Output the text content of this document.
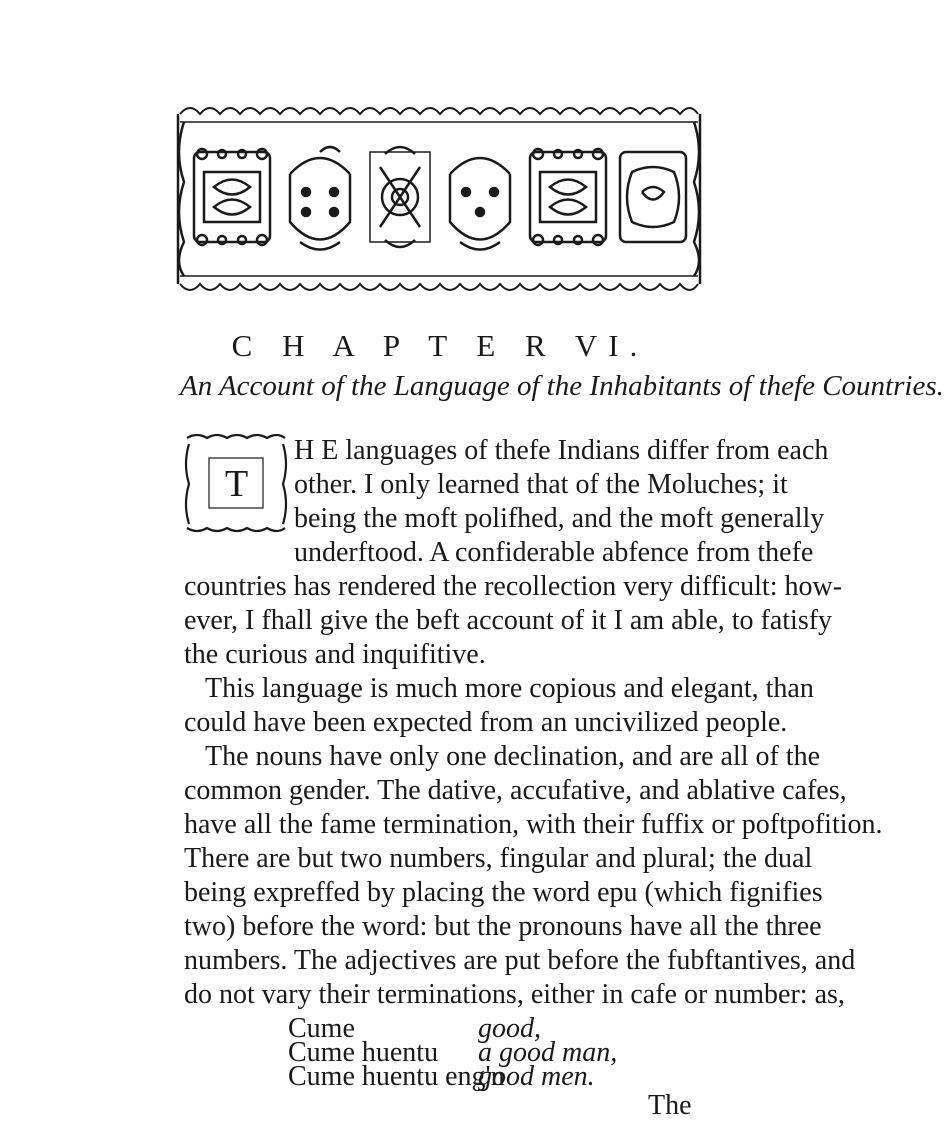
C H A P T E R VI.
An Account of the Language of the Inhabitants of thefe Countries.
T
H E languages of thefe Indians differ from each
other. I only learned that of the Moluches; it
being the moft polifhed, and the moft generally
underftood. A confiderable abfence from thefe
countries has rendered the recollection very difficult: how-
ever, I fhall give the beft account of it I am able, to fatisfy
the curious and inquifitive.
This language is much more copious and elegant, than
could have been expected from an uncivilized people.
The nouns have only one declination, and are all of the
common gender. The dative, accufative, and ablative cafes,
have all the fame termination, with their fuffix or poftpofition.
There are but two numbers, fingular and plural; the dual
being expreffed by placing the word epu (which fignifies
two) before the word: but the pronouns have all the three
numbers. The adjectives are put before the fubftantives, and
do not vary their terminations, either in cafe or number: as,
Cume	good,
Cume huentu a good man,
Cume huentu eng'n
good men.
The
